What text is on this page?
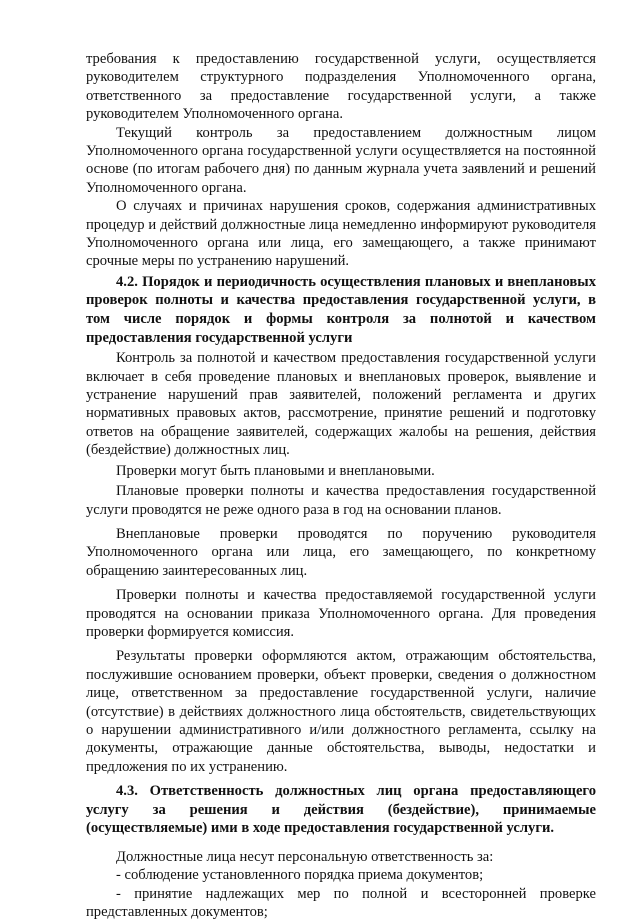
требования к предоставлению государственной услуги, осуществляется руководителем структурного подразделения Уполномоченного органа, ответственного за предоставление государственной услуги, а также руководителем Уполномоченного органа.

Текущий контроль за предоставлением должностным лицом Уполномоченного органа государственной услуги осуществляется на постоянной основе (по итогам рабочего дня) по данным журнала учета заявлений и решений Уполномоченного органа.

О случаях и причинах нарушения сроков, содержания административных процедур и действий должностные лица немедленно информируют руководителя Уполномоченного органа или лица, его замещающего, а также принимают срочные меры по устранению нарушений.

4.2. Порядок и периодичность осуществления плановых и внеплановых проверок полноты и качества предоставления государственной услуги, в том числе порядок и формы контроля за полнотой и качеством предоставления государственной услуги

Контроль за полнотой и качеством предоставления государственной услуги включает в себя проведение плановых и внеплановых проверок, выявление и устранение нарушений прав заявителей, положений регламента и других нормативных правовых актов, рассмотрение, принятие решений и подготовку ответов на обращение заявителей, содержащих жалобы на решения, действия (бездействие) должностных лиц.

Проверки могут быть плановыми и внеплановыми.

Плановые проверки полноты и качества предоставления государственной услуги проводятся не реже одного раза в год на основании планов.

Внеплановые проверки проводятся по поручению руководителя Уполномоченного органа или лица, его замещающего, по конкретному обращению заинтересованных лиц.

Проверки полноты и качества предоставляемой государственной услуги проводятся на основании приказа Уполномоченного органа. Для проведения проверки формируется комиссия.

Результаты проверки оформляются актом, отражающим обстоятельства, послужившие основанием проверки, объект проверки, сведения о должностном лице, ответственном за предоставление государственной услуги, наличие (отсутствие) в действиях должностного лица обстоятельств, свидетельствующих о нарушении административного и/или должностного регламента, ссылку на документы, отражающие данные обстоятельства, выводы, недостатки и предложения по их устранению.

4.3. Ответственность должностных лиц органа предоставляющего услугу за решения и действия (бездействие), принимаемые (осуществляемые) ими в ходе предоставления государственной услуги.

Должностные лица несут персональную ответственность за:

- соблюдение установленного порядка приема документов;

- принятие надлежащих мер по полной и всесторонней проверке представленных документов;
